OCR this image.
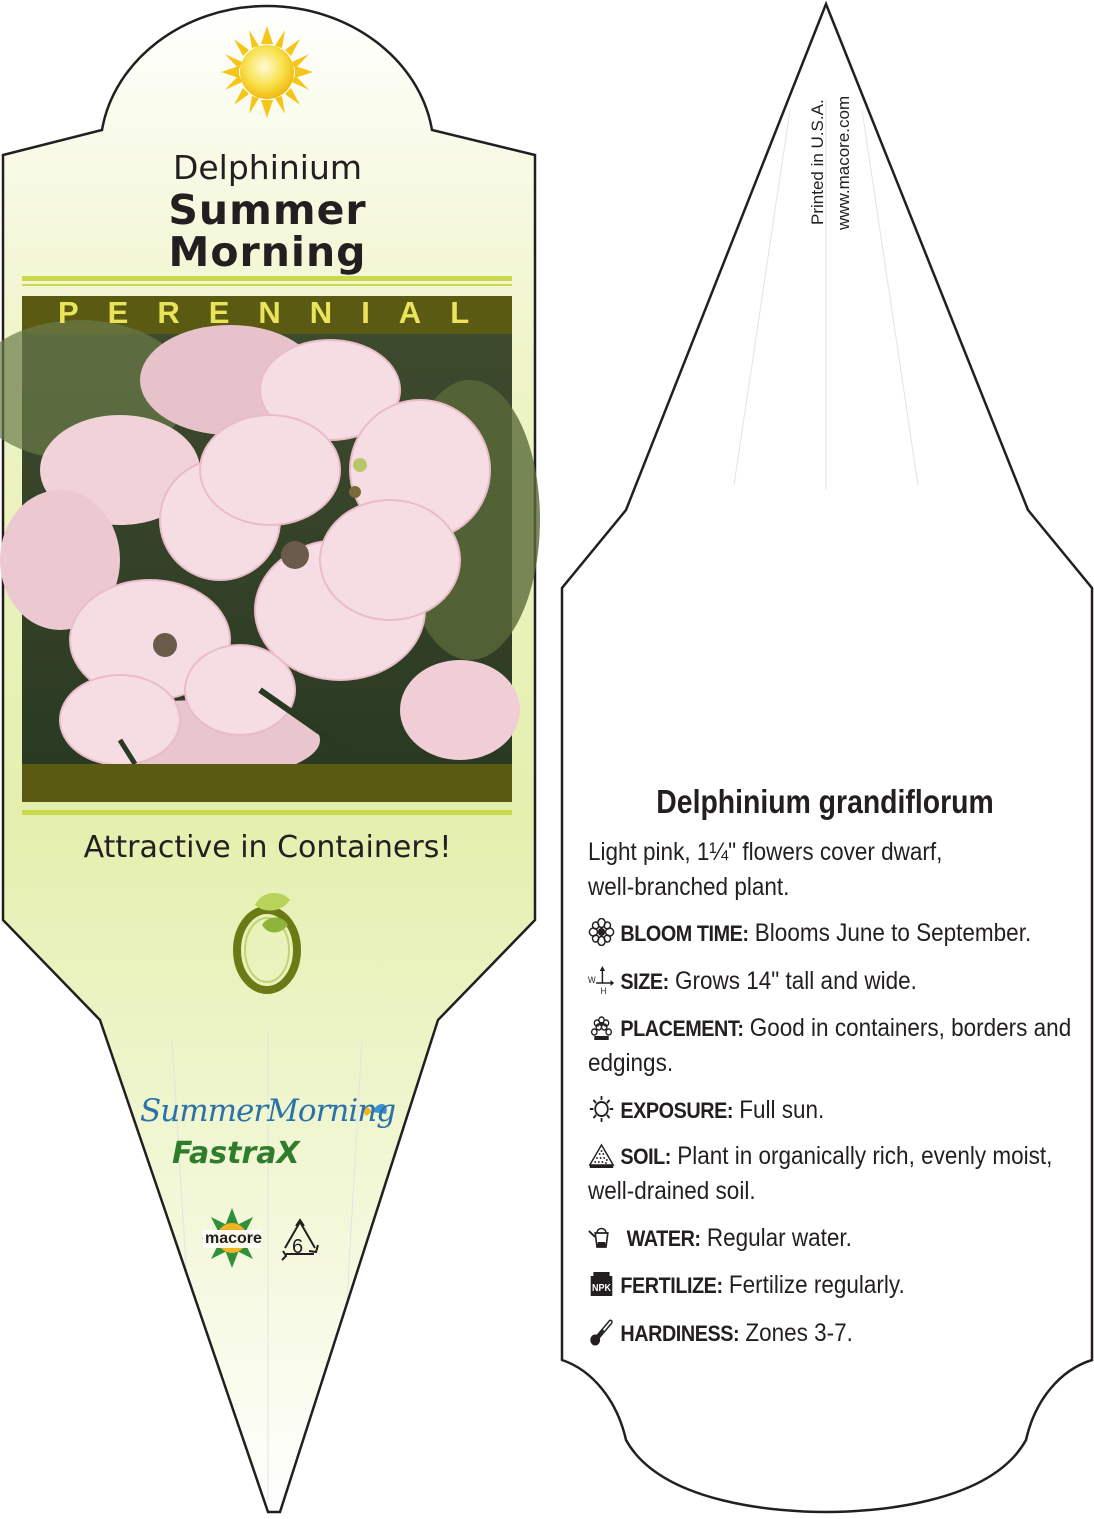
Delphinium
Summer
Morning
PERENNIAL
Attractive in Containers!
SummerMorning
FastraX
macore 6
Printed in U.S.A. www.macore.com
Delphinium grandiflorum
Light pink, 1¼" flowers cover dwarf,
well-branched plant.
BLOOM TIME: Blooms June to September.
W
H SIZE: Grows 14" tall and wide.
PLACEMENT: Good in containers, borders and
edgings.
EXPOSURE: Full sun.
SOIL: Plant in organically rich, evenly moist,
well-drained soil.
WATER: Regular water.
NPK FERTILIZE: Fertilize regularly.
HARDINESS: Zones 3-7.
